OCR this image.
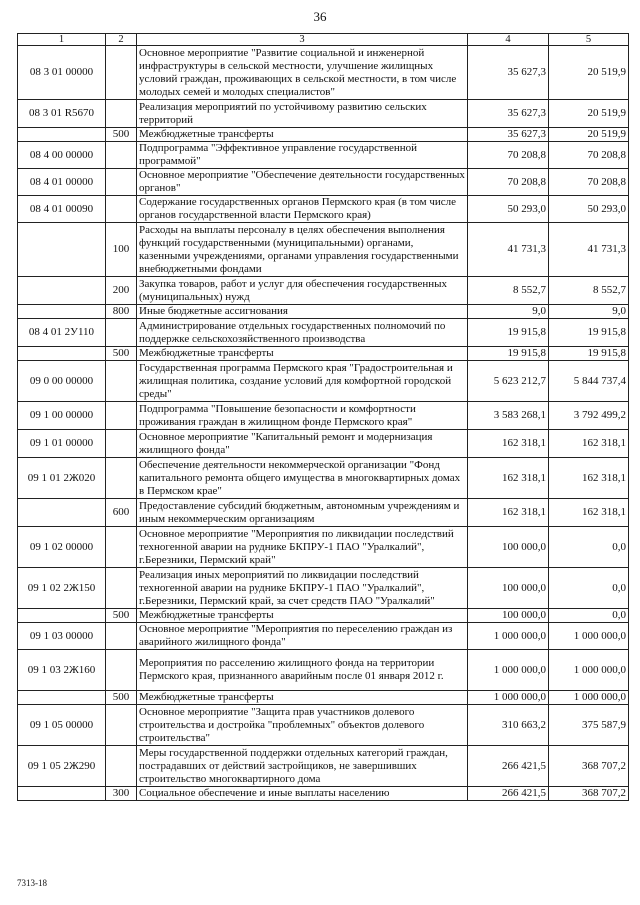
36
1	2	3	4	5
08 3 01 00000		Основное мероприятие "Развитие социальной и инженерной инфраструктуры в сельской местности, улучшение жилищных условий граждан, проживающих в сельской местности, в том числе молодых семей и молодых специалистов"	35 627,3	20 519,9
08 3 01 R5670		Реализация мероприятий по устойчивому развитию сельских территорий	35 627,3	20 519,9
	500	Межбюджетные трансферты	35 627,3	20 519,9
08 4 00 00000		Подпрограмма "Эффективное управление государственной программой"	70 208,8	70 208,8
08 4 01 00000		Основное мероприятие "Обеспечение деятельности государственных органов"	70 208,8	70 208,8
08 4 01 00090		Содержание государственных органов Пермского края (в том числе органов государственной власти Пермского края)	50 293,0	50 293,0
	100	Расходы на выплаты персоналу в целях обеспечения выполнения функций государственными (муниципальными) органами, казенными учреждениями, органами управления государственными внебюджетными фондами	41 731,3	41 731,3
	200	Закупка товаров, работ и услуг для обеспечения государственных (муниципальных) нужд	8 552,7	8 552,7
	800	Иные бюджетные ассигнования	9,0	9,0
08 4 01 2У110		Администрирование отдельных государственных полномочий по поддержке сельскохозяйственного производства	19 915,8	19 915,8
	500	Межбюджетные трансферты	19 915,8	19 915,8
09 0 00 00000		Государственная программа Пермского края "Градостроительная и жилищная политика, создание условий для комфортной городской среды"	5 623 212,7	5 844 737,4
09 1 00 00000		Подпрограмма "Повышение безопасности и комфортности проживания граждан в жилищном фонде Пермского края"	3 583 268,1	3 792 499,2
09 1 01 00000		Основное мероприятие "Капитальный ремонт и модернизация жилищного фонда"	162 318,1	162 318,1
09 1 01 2Ж020		Обеспечение деятельности некоммерческой организации "Фонд капитального ремонта общего имущества в многоквартирных домах в Пермском крае"	162 318,1	162 318,1
	600	Предоставление субсидий бюджетным, автономным учреждениям и иным некоммерческим организациям	162 318,1	162 318,1
09 1 02 00000		Основное мероприятие "Мероприятия по ликвидации последствий техногенной аварии на руднике БКПРУ-1 ПАО "Уралкалий", г.Березники, Пермский край"	100 000,0	0,0
09 1 02 2Ж150		Реализация иных мероприятий по ликвидации последствий техногенной аварии на руднике БКПРУ-1 ПАО "Уралкалий", г.Березники, Пермский край, за счет средств ПАО "Уралкалий"	100 000,0	0,0
	500	Межбюджетные трансферты	100 000,0	0,0
09 1 03 00000		Основное мероприятие "Мероприятия по переселению граждан из аварийного жилищного фонда"	1 000 000,0	1 000 000,0
09 1 03 2Ж160		Мероприятия по расселению жилищного фонда на территории Пермского края, признанного аварийным после 01 января 2012 г.	1 000 000,0	1 000 000,0
	500	Межбюджетные трансферты	1 000 000,0	1 000 000,0
09 1 05 00000		Основное мероприятие "Защита прав участников долевого строительства и достройка "проблемных" объектов долевого строительства"	310 663,2	375 587,9
09 1 05 2Ж290		Меры государственной поддержки отдельных категорий граждан, пострадавших от действий застройщиков, не завершивших строительство многоквартирного дома	266 421,5	368 707,2
	300	Социальное обеспечение и иные выплаты населению	266 421,5	368 707,2
7313-18
